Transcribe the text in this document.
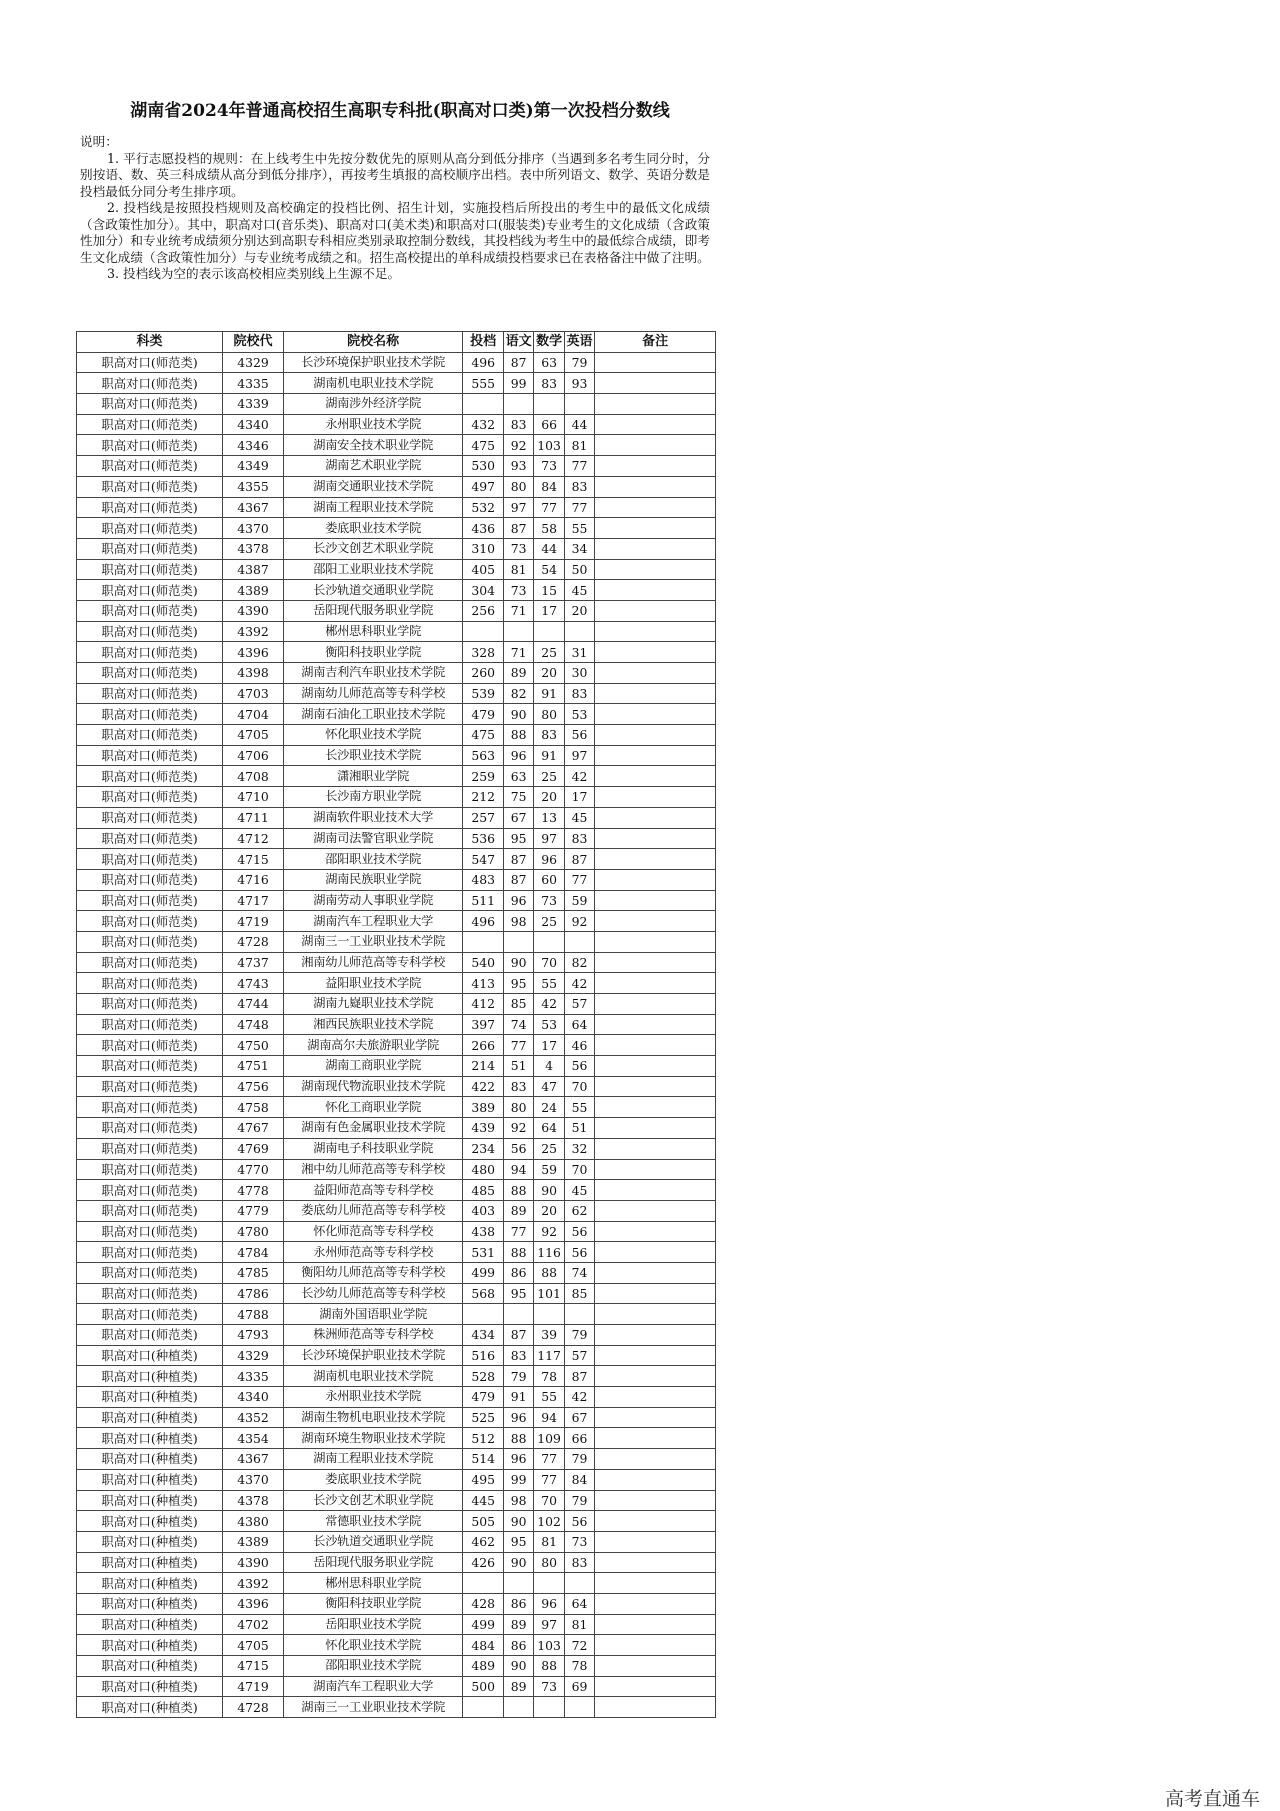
湖南省2024年普通高校招生高职专科批(职高对口类)第一次投档分数线

说明：

1. 平行志愿投档的规则：在上线考生中先按分数优先的原则从高分到低分排序（当遇到多名考生同分时，分别按语、数、英三科成绩从高分到低分排序），再按考生填报的高校顺序出档。表中所列语文、数学、英语分数是投档最低分同分考生排序项。

2. 投档线是按照投档规则及高校确定的投档比例、招生计划，实施投档后所投出的考生中的最低文化成绩（含政策性加分）。其中，职高对口(音乐类)、职高对口(美术类)和职高对口(服装类)专业考生的文化成绩（含政策性加分）和专业统考成绩须分别达到高职专科相应类别录取控制分数线，其投档线为考生中的最低综合成绩，即考生文化成绩（含政策性加分）与专业统考成绩之和。招生高校提出的单科成绩投档要求已在表格备注中做了注明。

3. 投档线为空的表示该高校相应类别线上生源不足。

科类	院校代	院校名称	投档	语文	数学	英语	备注
职高对口(师范类)	4329	长沙环境保护职业技术学院	496	87	63	79	
职高对口(师范类)	4335	湖南机电职业技术学院	555	99	83	93	
职高对口(师范类)	4339	湖南涉外经济学院					
职高对口(师范类)	4340	永州职业技术学院	432	83	66	44	
职高对口(师范类)	4346	湖南安全技术职业学院	475	92	103	81	
职高对口(师范类)	4349	湖南艺术职业学院	530	93	73	77	
职高对口(师范类)	4355	湖南交通职业技术学院	497	80	84	83	
职高对口(师范类)	4367	湖南工程职业技术学院	532	97	77	77	
职高对口(师范类)	4370	娄底职业技术学院	436	87	58	55	
职高对口(师范类)	4378	长沙文创艺术职业学院	310	73	44	34	
职高对口(师范类)	4387	邵阳工业职业技术学院	405	81	54	50	
职高对口(师范类)	4389	长沙轨道交通职业学院	304	73	15	45	
职高对口(师范类)	4390	岳阳现代服务职业学院	256	71	17	20	
职高对口(师范类)	4392	郴州思科职业学院					
职高对口(师范类)	4396	衡阳科技职业学院	328	71	25	31	
职高对口(师范类)	4398	湖南吉利汽车职业技术学院	260	89	20	30	
职高对口(师范类)	4703	湖南幼儿师范高等专科学校	539	82	91	83	
职高对口(师范类)	4704	湖南石油化工职业技术学院	479	90	80	53	
职高对口(师范类)	4705	怀化职业技术学院	475	88	83	56	
职高对口(师范类)	4706	长沙职业技术学院	563	96	91	97	
职高对口(师范类)	4708	潇湘职业学院	259	63	25	42	
职高对口(师范类)	4710	长沙南方职业学院	212	75	20	17	
职高对口(师范类)	4711	湖南软件职业技术大学	257	67	13	45	
职高对口(师范类)	4712	湖南司法警官职业学院	536	95	97	83	
职高对口(师范类)	4715	邵阳职业技术学院	547	87	96	87	
职高对口(师范类)	4716	湖南民族职业学院	483	87	60	77	
职高对口(师范类)	4717	湖南劳动人事职业学院	511	96	73	59	
职高对口(师范类)	4719	湖南汽车工程职业大学	496	98	25	92	
职高对口(师范类)	4728	湖南三一工业职业技术学院					
职高对口(师范类)	4737	湘南幼儿师范高等专科学校	540	90	70	82	
职高对口(师范类)	4743	益阳职业技术学院	413	95	55	42	
职高对口(师范类)	4744	湖南九嶷职业技术学院	412	85	42	57	
职高对口(师范类)	4748	湘西民族职业技术学院	397	74	53	64	
职高对口(师范类)	4750	湖南高尔夫旅游职业学院	266	77	17	46	
职高对口(师范类)	4751	湖南工商职业学院	214	51	4	56	
职高对口(师范类)	4756	湖南现代物流职业技术学院	422	83	47	70	
职高对口(师范类)	4758	怀化工商职业学院	389	80	24	55	
职高对口(师范类)	4767	湖南有色金属职业技术学院	439	92	64	51	
职高对口(师范类)	4769	湖南电子科技职业学院	234	56	25	32	
职高对口(师范类)	4770	湘中幼儿师范高等专科学校	480	94	59	70	
职高对口(师范类)	4778	益阳师范高等专科学校	485	88	90	45	
职高对口(师范类)	4779	娄底幼儿师范高等专科学校	403	89	20	62	
职高对口(师范类)	4780	怀化师范高等专科学校	438	77	92	56	
职高对口(师范类)	4784	永州师范高等专科学校	531	88	116	56	
职高对口(师范类)	4785	衡阳幼儿师范高等专科学校	499	86	88	74	
职高对口(师范类)	4786	长沙幼儿师范高等专科学校	568	95	101	85	
职高对口(师范类)	4788	湖南外国语职业学院					
职高对口(师范类)	4793	株洲师范高等专科学校	434	87	39	79	
职高对口(种植类)	4329	长沙环境保护职业技术学院	516	83	117	57	
职高对口(种植类)	4335	湖南机电职业技术学院	528	79	78	87	
职高对口(种植类)	4340	永州职业技术学院	479	91	55	42	
职高对口(种植类)	4352	湖南生物机电职业技术学院	525	96	94	67	
职高对口(种植类)	4354	湖南环境生物职业技术学院	512	88	109	66	
职高对口(种植类)	4367	湖南工程职业技术学院	514	96	77	79	
职高对口(种植类)	4370	娄底职业技术学院	495	99	77	84	
职高对口(种植类)	4378	长沙文创艺术职业学院	445	98	70	79	
职高对口(种植类)	4380	常德职业技术学院	505	90	102	56	
职高对口(种植类)	4389	长沙轨道交通职业学院	462	95	81	73	
职高对口(种植类)	4390	岳阳现代服务职业学院	426	90	80	83	
职高对口(种植类)	4392	郴州思科职业学院					
职高对口(种植类)	4396	衡阳科技职业学院	428	86	96	64	
职高对口(种植类)	4702	岳阳职业技术学院	499	89	97	81	
职高对口(种植类)	4705	怀化职业技术学院	484	86	103	72	
职高对口(种植类)	4715	邵阳职业技术学院	489	90	88	78	
职高对口(种植类)	4719	湖南汽车工程职业大学	500	89	73	69	
职高对口(种植类)	4728	湖南三一工业职业技术学院					
高考直通车
